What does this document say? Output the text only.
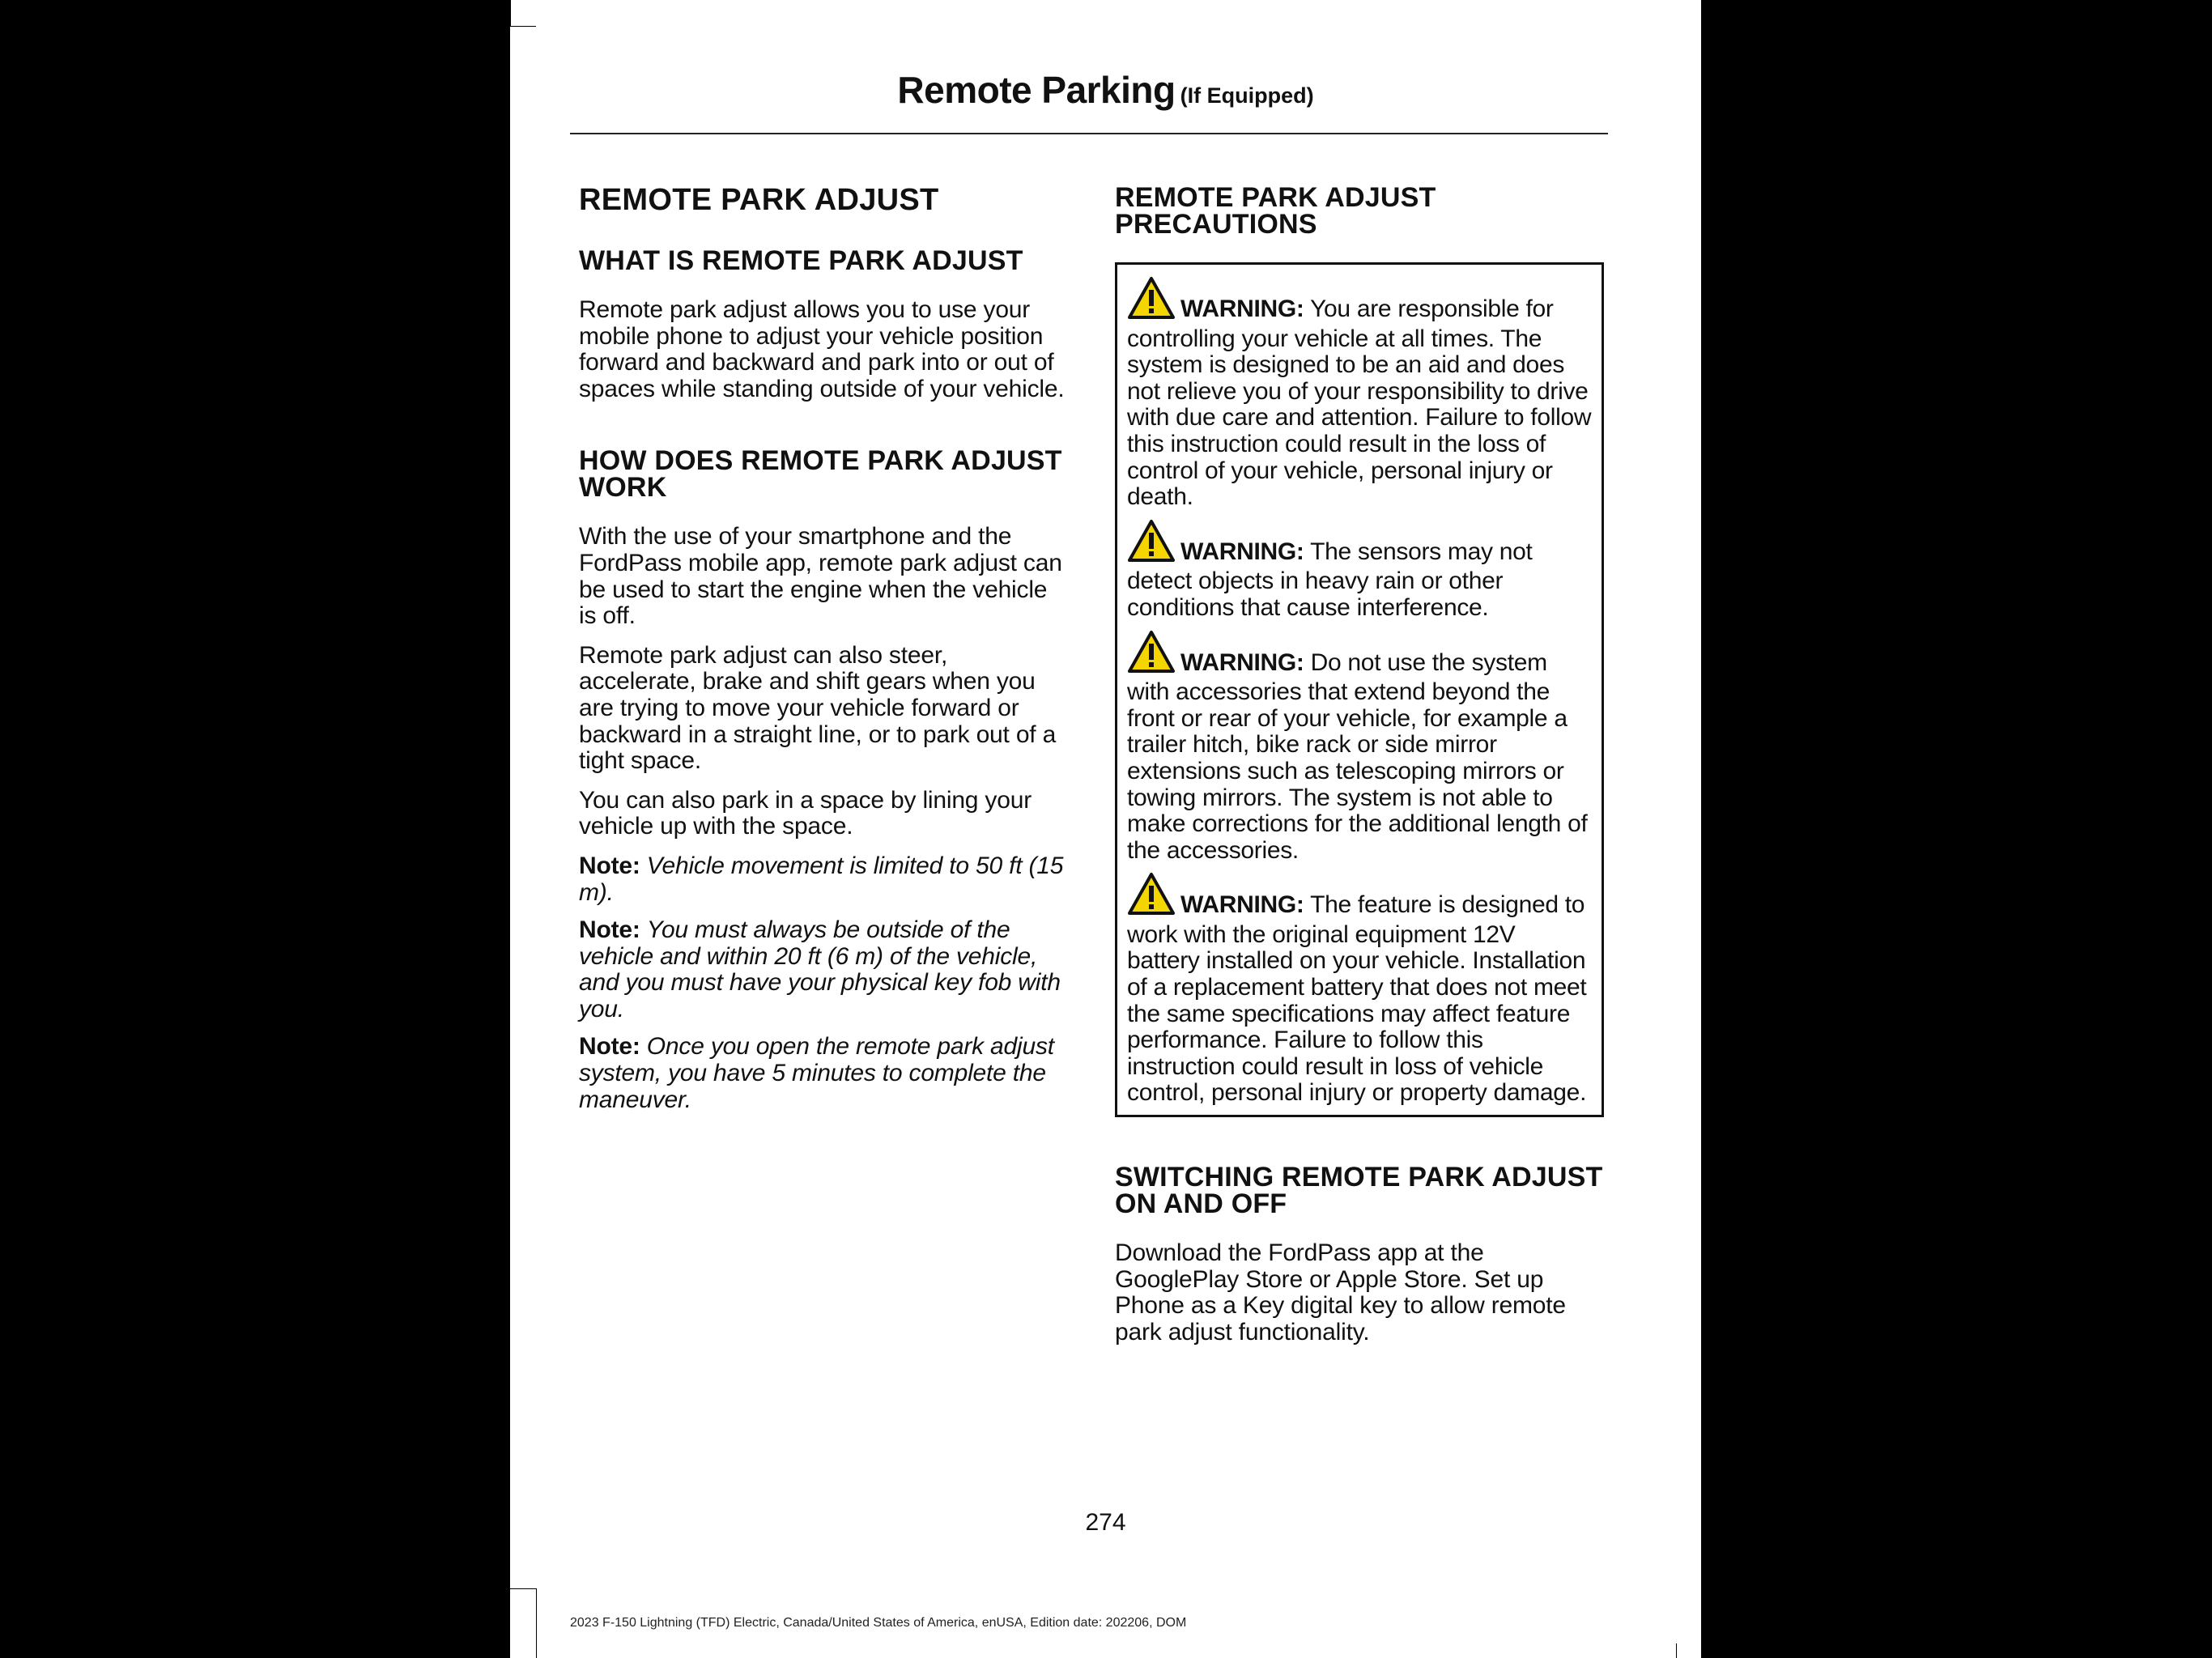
Remote Parking (If Equipped)
REMOTE PARK ADJUST
WHAT IS REMOTE PARK ADJUST

Remote park adjust allows you to use your mobile phone to adjust your vehicle position forward and backward and park into or out of spaces while standing outside of your vehicle.

HOW DOES REMOTE PARK ADJUST WORK

With the use of your smartphone and the FordPass mobile app, remote park adjust can be used to start the engine when the vehicle is off.

Remote park adjust can also steer, accelerate, brake and shift gears when you are trying to move your vehicle forward or backward in a straight line, or to park out of a tight space.

You can also park in a space by lining your vehicle up with the space.

Note: Vehicle movement is limited to 50 ft (15 m).

Note: You must always be outside of the vehicle and within 20 ft (6 m) of the vehicle, and you must have your physical key fob with you.

Note: Once you open the remote park adjust system, you have 5 minutes to complete the maneuver.

REMOTE PARK ADJUST PRECAUTIONS

WARNING: You are responsible for controlling your vehicle at all times. The system is designed to be an aid and does not relieve you of your responsibility to drive with due care and attention. Failure to follow this instruction could result in the loss of control of your vehicle, personal injury or death.

WARNING: The sensors may not detect objects in heavy rain or other conditions that cause interference.

WARNING: Do not use the system with accessories that extend beyond the front or rear of your vehicle, for example a trailer hitch, bike rack or side mirror extensions such as telescoping mirrors or towing mirrors. The system is not able to make corrections for the additional length of the accessories.

WARNING: The feature is designed to work with the original equipment 12V battery installed on your vehicle. Installation of a replacement battery that does not meet the same specifications may affect feature performance. Failure to follow this instruction could result in loss of vehicle control, personal injury or property damage.

SWITCHING REMOTE PARK ADJUST ON AND OFF

Download the FordPass app at the GooglePlay Store or Apple Store. Set up Phone as a Key digital key to allow remote park adjust functionality.

274
2023 F-150 Lightning (TFD) Electric, Canada/United States of America, enUSA, Edition date: 202206, DOM
